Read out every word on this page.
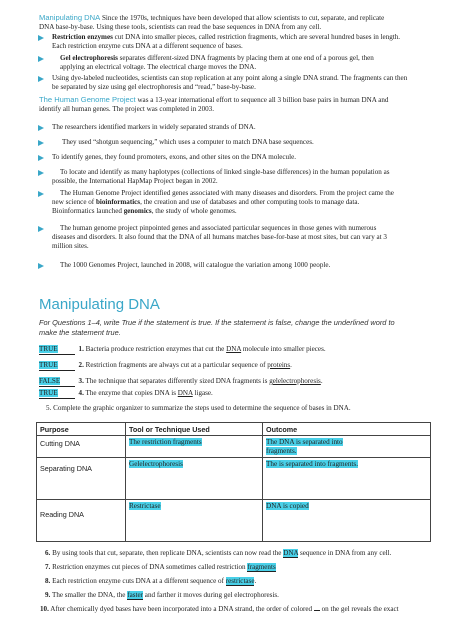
Manipulating DNA Since the 1970s, techniques have been developed that allow scientists to cut, separate, and replicate
DNA base-by-base. Using these tools, scientists can read the base sequences in DNA from any cell.
Restriction enzymes cut DNA into smaller pieces, called restriction fragments, which are several hundred bases in length.
Each restriction enzyme cuts DNA at a different sequence of bases.
Gel electrophoresis separates different-sized DNA fragments by placing them at one end of a porous gel, then
applying an electrical voltage. The electrical charge moves the DNA.
Using dye-labeled nucleotides, scientists can stop replication at any point along a single DNA strand. The fragments can then
be separated by size using gel electrophoresis and “read,” base-by-base.
The Human Genome Project was a 13-year international effort to sequence all 3 billion base pairs in human DNA and
identify all human genes. The project was completed in 2003.
The researchers identified markers in widely separated strands of DNA.
They used “shotgun sequencing,” which uses a computer to match DNA base sequences.
To identify genes, they found promoters, exons, and other sites on the DNA molecule.
To locate and identify as many haplotypes (collections of linked single-base differences) in the human population as
possible, the International HapMap Project began in 2002.
The Human Genome Project identified genes associated with many diseases and disorders. From the project came the
new science of bioinformatics, the creation and use of databases and other computing tools to manage data.
Bioinformatics launched genomics, the study of whole genomes.
The human genome project pinpointed genes and associated particular sequences in those genes with numerous
diseases and disorders. It also found that the DNA of all humans matches base-for-base at most sites, but can vary at 3
million sites.
The 1000 Genomes Project, launched in 2008, will catalogue the variation among 1000 people.
Manipulating DNA
For Questions 1–4, write True if the statement is true. If the statement is false, change the underlined word to
make the statement true.
TRUE	1. Bacteria produce restriction enzymes that cut the DNA molecule into smaller pieces.
TRUE	2. Restriction fragments are always cut at a particular sequence of proteins.
FALSE	3. The technique that separates differently sized DNA fragments is gelelectrophoresis.
TRUE	4. The enzyme that copies DNA is DNA ligase.
5. Complete the graphic organizer to summarize the steps used to determine the sequence of bases in DNA.
Purpose	Tool or Technique Used	Outcome
Cutting DNA	The restriction fragments	The DNA is separated into
fragments.
Separating DNA	Gelelectrophoresis	The is separated into fragments.
Reading DNA	Restrictase	DNA is copied
6. By using tools that cut, separate, then replicate DNA, scientists can now read the DNA sequence in DNA from any cell.
7. Restriction enzymes cut pieces of DNA sometimes called restriction fragments
8. Each restriction enzyme cuts DNA at a different sequence of restrictase.
9. The smaller the DNA, the faster and farther it moves during gel electrophoresis.
10. After chemically dyed bases have been incorporated into a DNA strand, the order of colored on the gel reveals the exact
